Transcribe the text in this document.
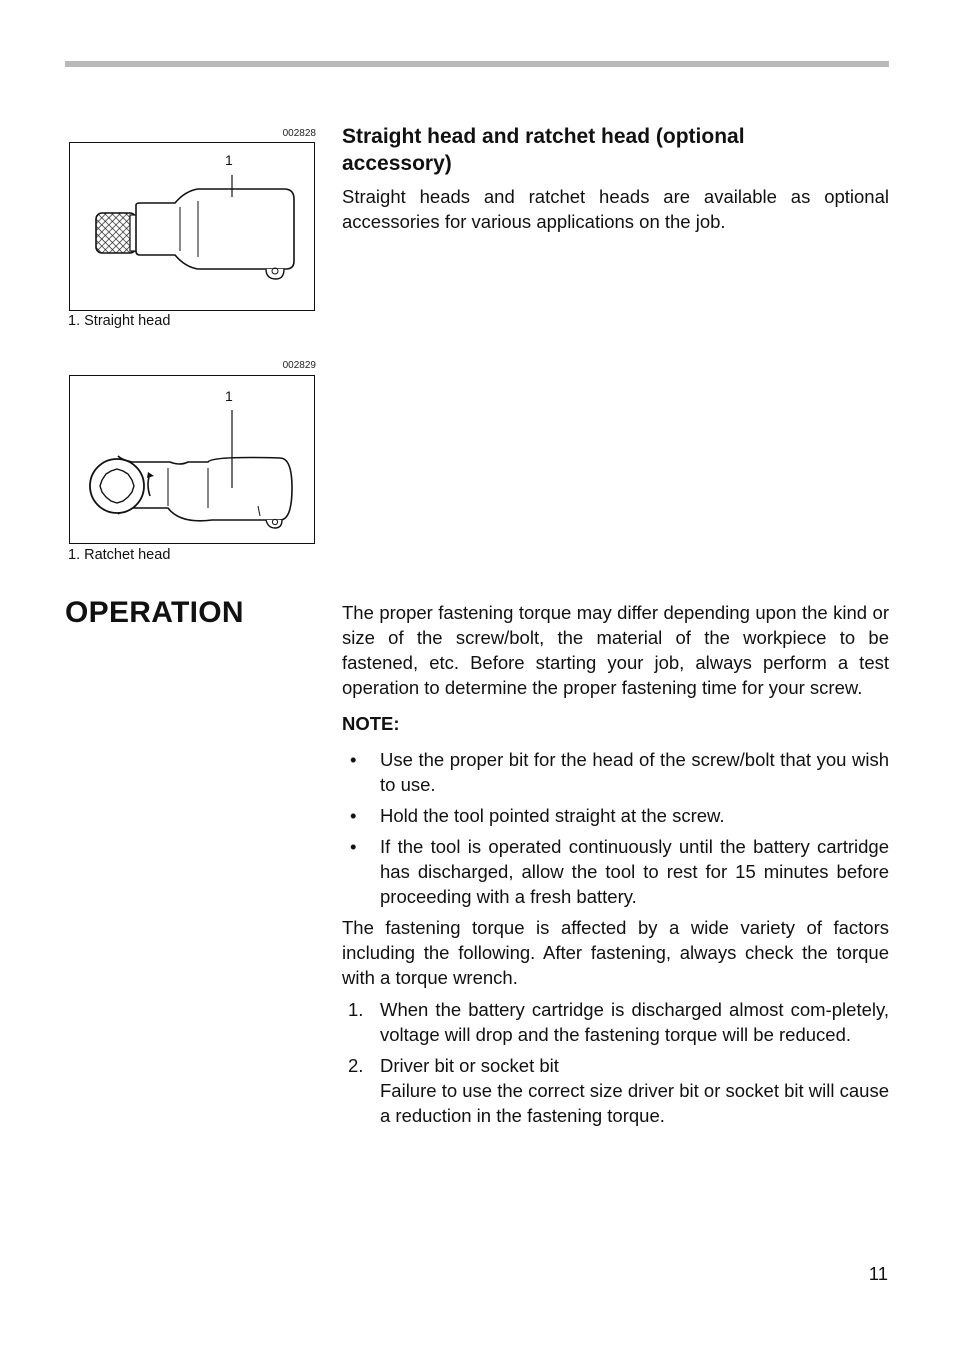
002828
1
1. Straight head
002829
1
1. Ratchet head
Straight head and ratchet head (optional accessory)

Straight heads and ratchet heads are available as optional accessories for various applications on the job.

OPERATION	The proper fastening torque may differ depending upon the kind or size of the screw/bolt, the material of the workpiece to be fastened, etc. Before starting your job, always perform a test operation to determine the proper fastening time for your screw.

NOTE:

• Use the proper bit for the head of the screw/bolt that you wish to use.
• Hold the tool pointed straight at the screw.
• If the tool is operated continuously until the battery cartridge has discharged, allow the tool to rest for 15 minutes before proceeding with a fresh battery.

The fastening torque is affected by a wide variety of factors including the following. After fastening, always check the torque with a torque wrench.

1. When the battery cartridge is discharged almost com-pletely, voltage will drop and the fastening torque will be reduced.
2. Driver bit or socket bit
Failure to use the correct size driver bit or socket bit will cause a reduction in the fastening torque.
11
